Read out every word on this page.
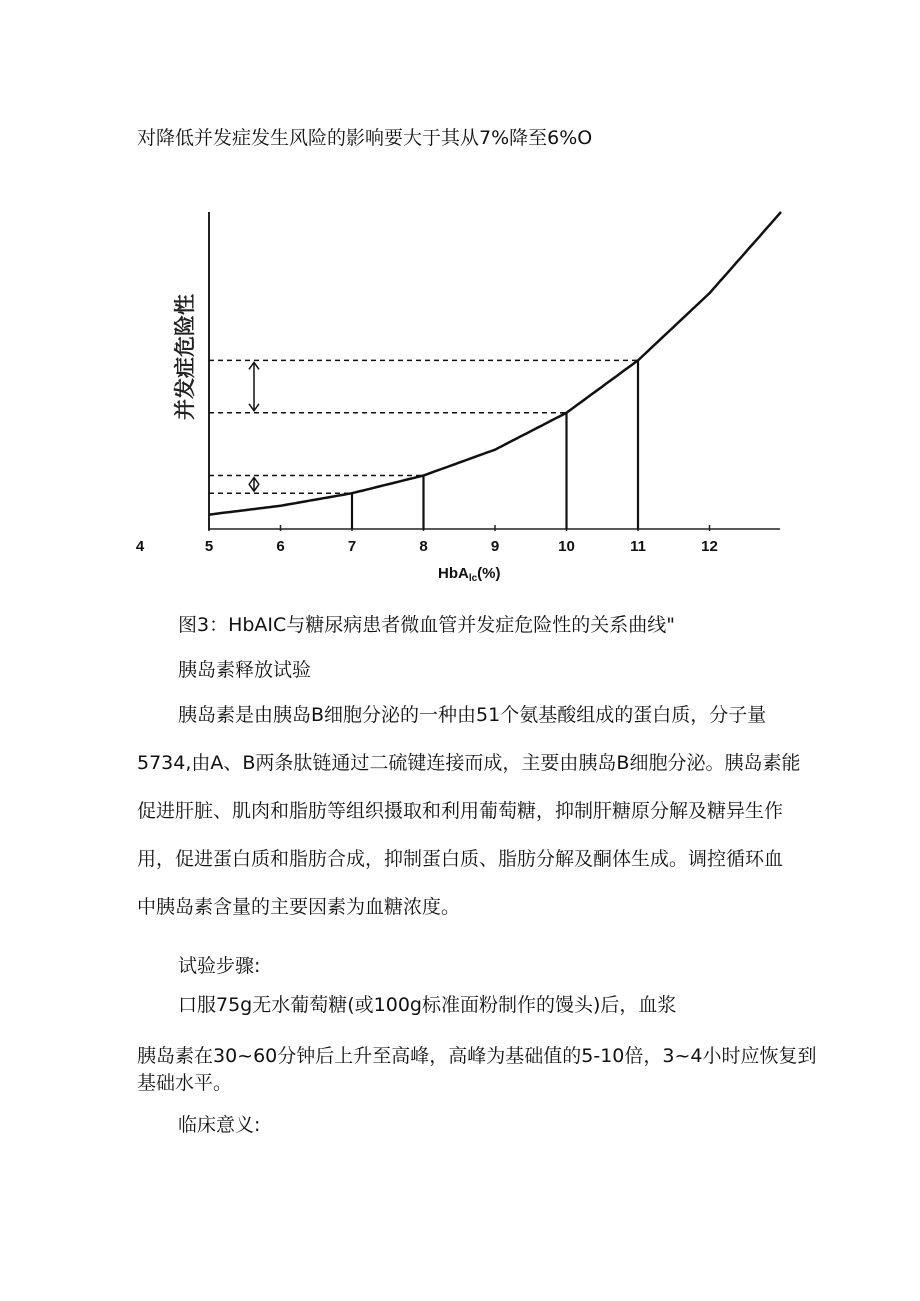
对降低并发症发生风险的影响要大于其从7%降至6%O
4	5	6	7	8	9	10	11	12
并发症危险性
HbA$_{lc}$(%)
图3：HbAIC与糖尿病患者微血管并发症危险性的关系曲线"
胰岛素释放试验
胰岛素是由胰岛B细胞分泌的一种由51个氨基酸组成的蛋白质，分子量
5734,由A、B两条肽链通过二硫键连接而成，主要由胰岛B细胞分泌。胰岛素能
促进肝脏、肌肉和脂肪等组织摄取和利用葡萄糖，抑制肝糖原分解及糖异生作
用，促进蛋白质和脂肪合成，抑制蛋白质、脂肪分解及酮体生成。调控循环血
中胰岛素含量的主要因素为血糖浓度。
试验步骤:
口服75g无水葡萄糖(或100g标准面粉制作的馒头)后，血浆
胰岛素在30~60分钟后上升至高峰，高峰为基础值的5-10倍，3~4小时应恢复到
基础水平。
临床意义:
